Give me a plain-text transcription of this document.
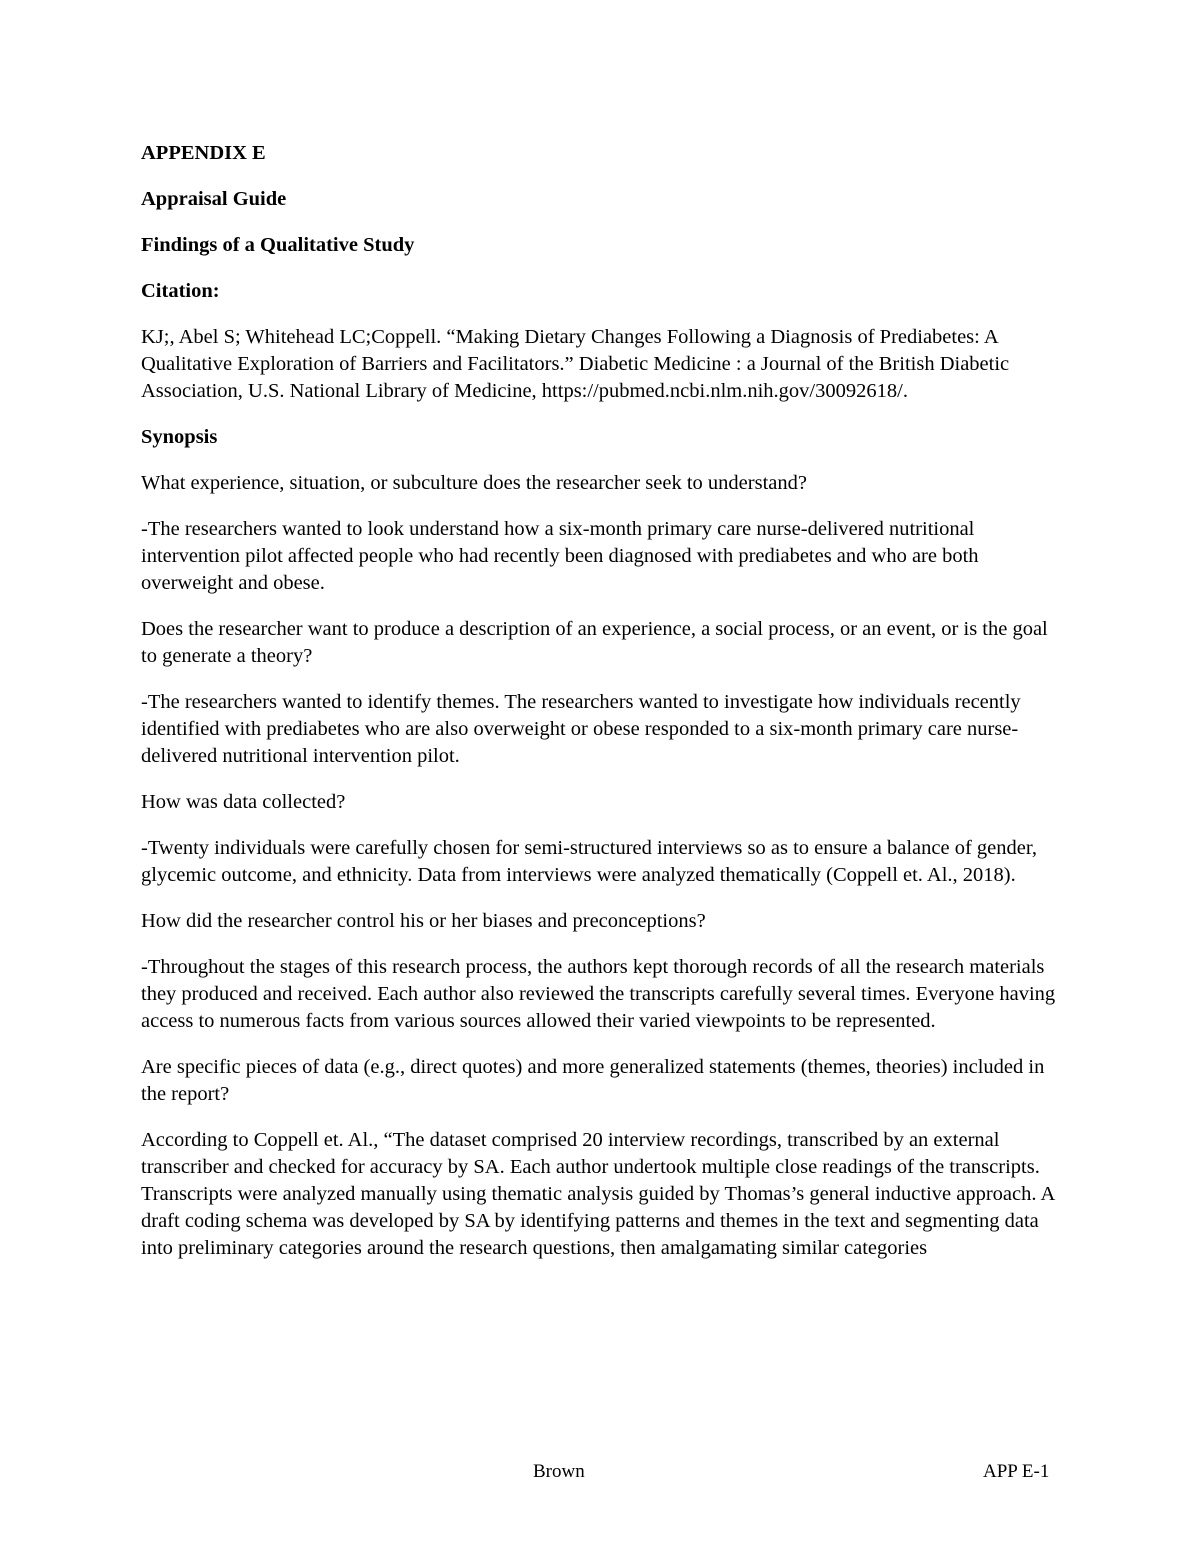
APPENDIX E

Appraisal Guide

Findings of a Qualitative Study

Citation:

KJ;, Abel S; Whitehead LC;Coppell. “Making Dietary Changes Following a Diagnosis of Prediabetes: A Qualitative Exploration of Barriers and Facilitators.” Diabetic Medicine : a Journal of the British Diabetic Association, U.S. National Library of Medicine, https://pubmed.ncbi.nlm.nih.gov/30092618/.

Synopsis

What experience, situation, or subculture does the researcher seek to understand?

-The researchers wanted to look understand how a six-month primary care nurse-delivered nutritional intervention pilot affected people who had recently been diagnosed with prediabetes and who are both overweight and obese.

Does the researcher want to produce a description of an experience, a social process, or an event, or is the goal to generate a theory?

-The researchers wanted to identify themes. The researchers wanted to investigate how individuals recently identified with prediabetes who are also overweight or obese responded to a six-month primary care nurse-delivered nutritional intervention pilot.

How was data collected?

-Twenty individuals were carefully chosen for semi-structured interviews so as to ensure a balance of gender, glycemic outcome, and ethnicity. Data from interviews were analyzed thematically (Coppell et. Al., 2018).

How did the researcher control his or her biases and preconceptions?

-Throughout the stages of this research process, the authors kept thorough records of all the research materials they produced and received. Each author also reviewed the transcripts carefully several times. Everyone having access to numerous facts from various sources allowed their varied viewpoints to be represented.

Are specific pieces of data (e.g., direct quotes) and more generalized statements (themes, theories) included in the report?

According to Coppell et. Al., “The dataset comprised 20 interview recordings, transcribed by an external transcriber and checked for accuracy by SA. Each author undertook multiple close readings of the transcripts. Transcripts were analyzed manually using thematic analysis guided by Thomas’s general inductive approach. A draft coding schema was developed by SA by identifying patterns and themes in the text and segmenting data into preliminary categories around the research questions, then amalgamating similar categories

Brown	APP E-1
